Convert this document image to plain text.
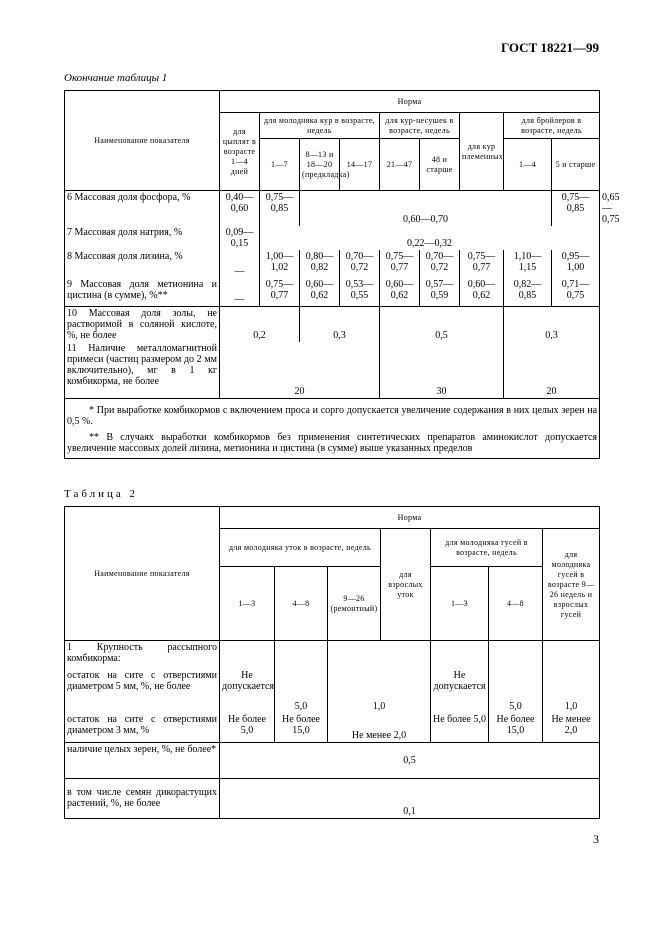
ГОСТ 18221—99
Окончание таблицы 1
Наименование показателя	Норма									
	для цыплят в возрасте 1—4 дней	для молодняка кур в возрасте, недель			для кур-несушек в возрасте, недель		для кур племенных	для бройлеров в возрасте, недель		
		1—7	8—13 и 18—20 (предкладка)	14—17	21—47	48 и старше		1—4	5 и старше	
6 Массовая доля фосфора, %	0,40— 0,60	0,75— 0,85	0,60—0,70						0,75— 0,85	0,65— 0,75
7 Массовая доля натрия, %	0,09— 0,15	0,22—0,32								
8 Массовая доля лизина, %	—	1,00— 1,02	0,80— 0,82	0,70— 0,72	0,75— 0,77	0,70— 0,72	0,75— 0,77	1,10— 1,15	0,95— 1,00	
9 Массовая доля метионина и цистина (в сумме), %**	—	0,75— 0,77	0,60— 0,62	0,53— 0,55	0,60— 0,62	0,57— 0,59	0,60— 0,62	0,82— 0,85	0,71— 0,75	
10 Массовая доля золы, не растворимой в соляной кислоте, %, не более	0,2		0,3		0,5			0,3		
11 Наличие металломагнитной примеси (частиц размером до 2 мм включительно), мг в 1 кг комбикорма, не более	20				30			20		

* При выработке комбикормов с включением проса и сорго допускается увеличение содержания в них целых зерен на 0,5 %.

** В случаях выработки комбикормов без применения синтетических препаратов аминокислот допускается увеличение массовых долей лизина, метионина и цистина (в сумме) выше указанных пределов										

Таблица 2
Наименование показателя	Норма						
	для молодняка уток в возрасте, недель			для взрослых уток	для молодняка гусей в возрасте, недель		для молодняка гусей в возрасте 9—26 недель и взрослых гусей
	1—3	4—8	9—26 (ремонтный)		1—3	4—8	
1 Крупность рассыпного комбикорма:							
остаток на сите с отверстиями диаметром 5 мм, %, не более	Не допускается	5,0	1,0		Не допускается	5,0	1,0
остаток на сите с отверстиями диаметром 3 мм, %	Не более 5,0	Не более 15,0	Не менее 2,0		Не более 5,0	Не более 15,0	Не менее 2,0
наличие целых зерен, %, не более*	0,5						
в том числе семян дикорастущих растений, %, не более	0,1						
3
